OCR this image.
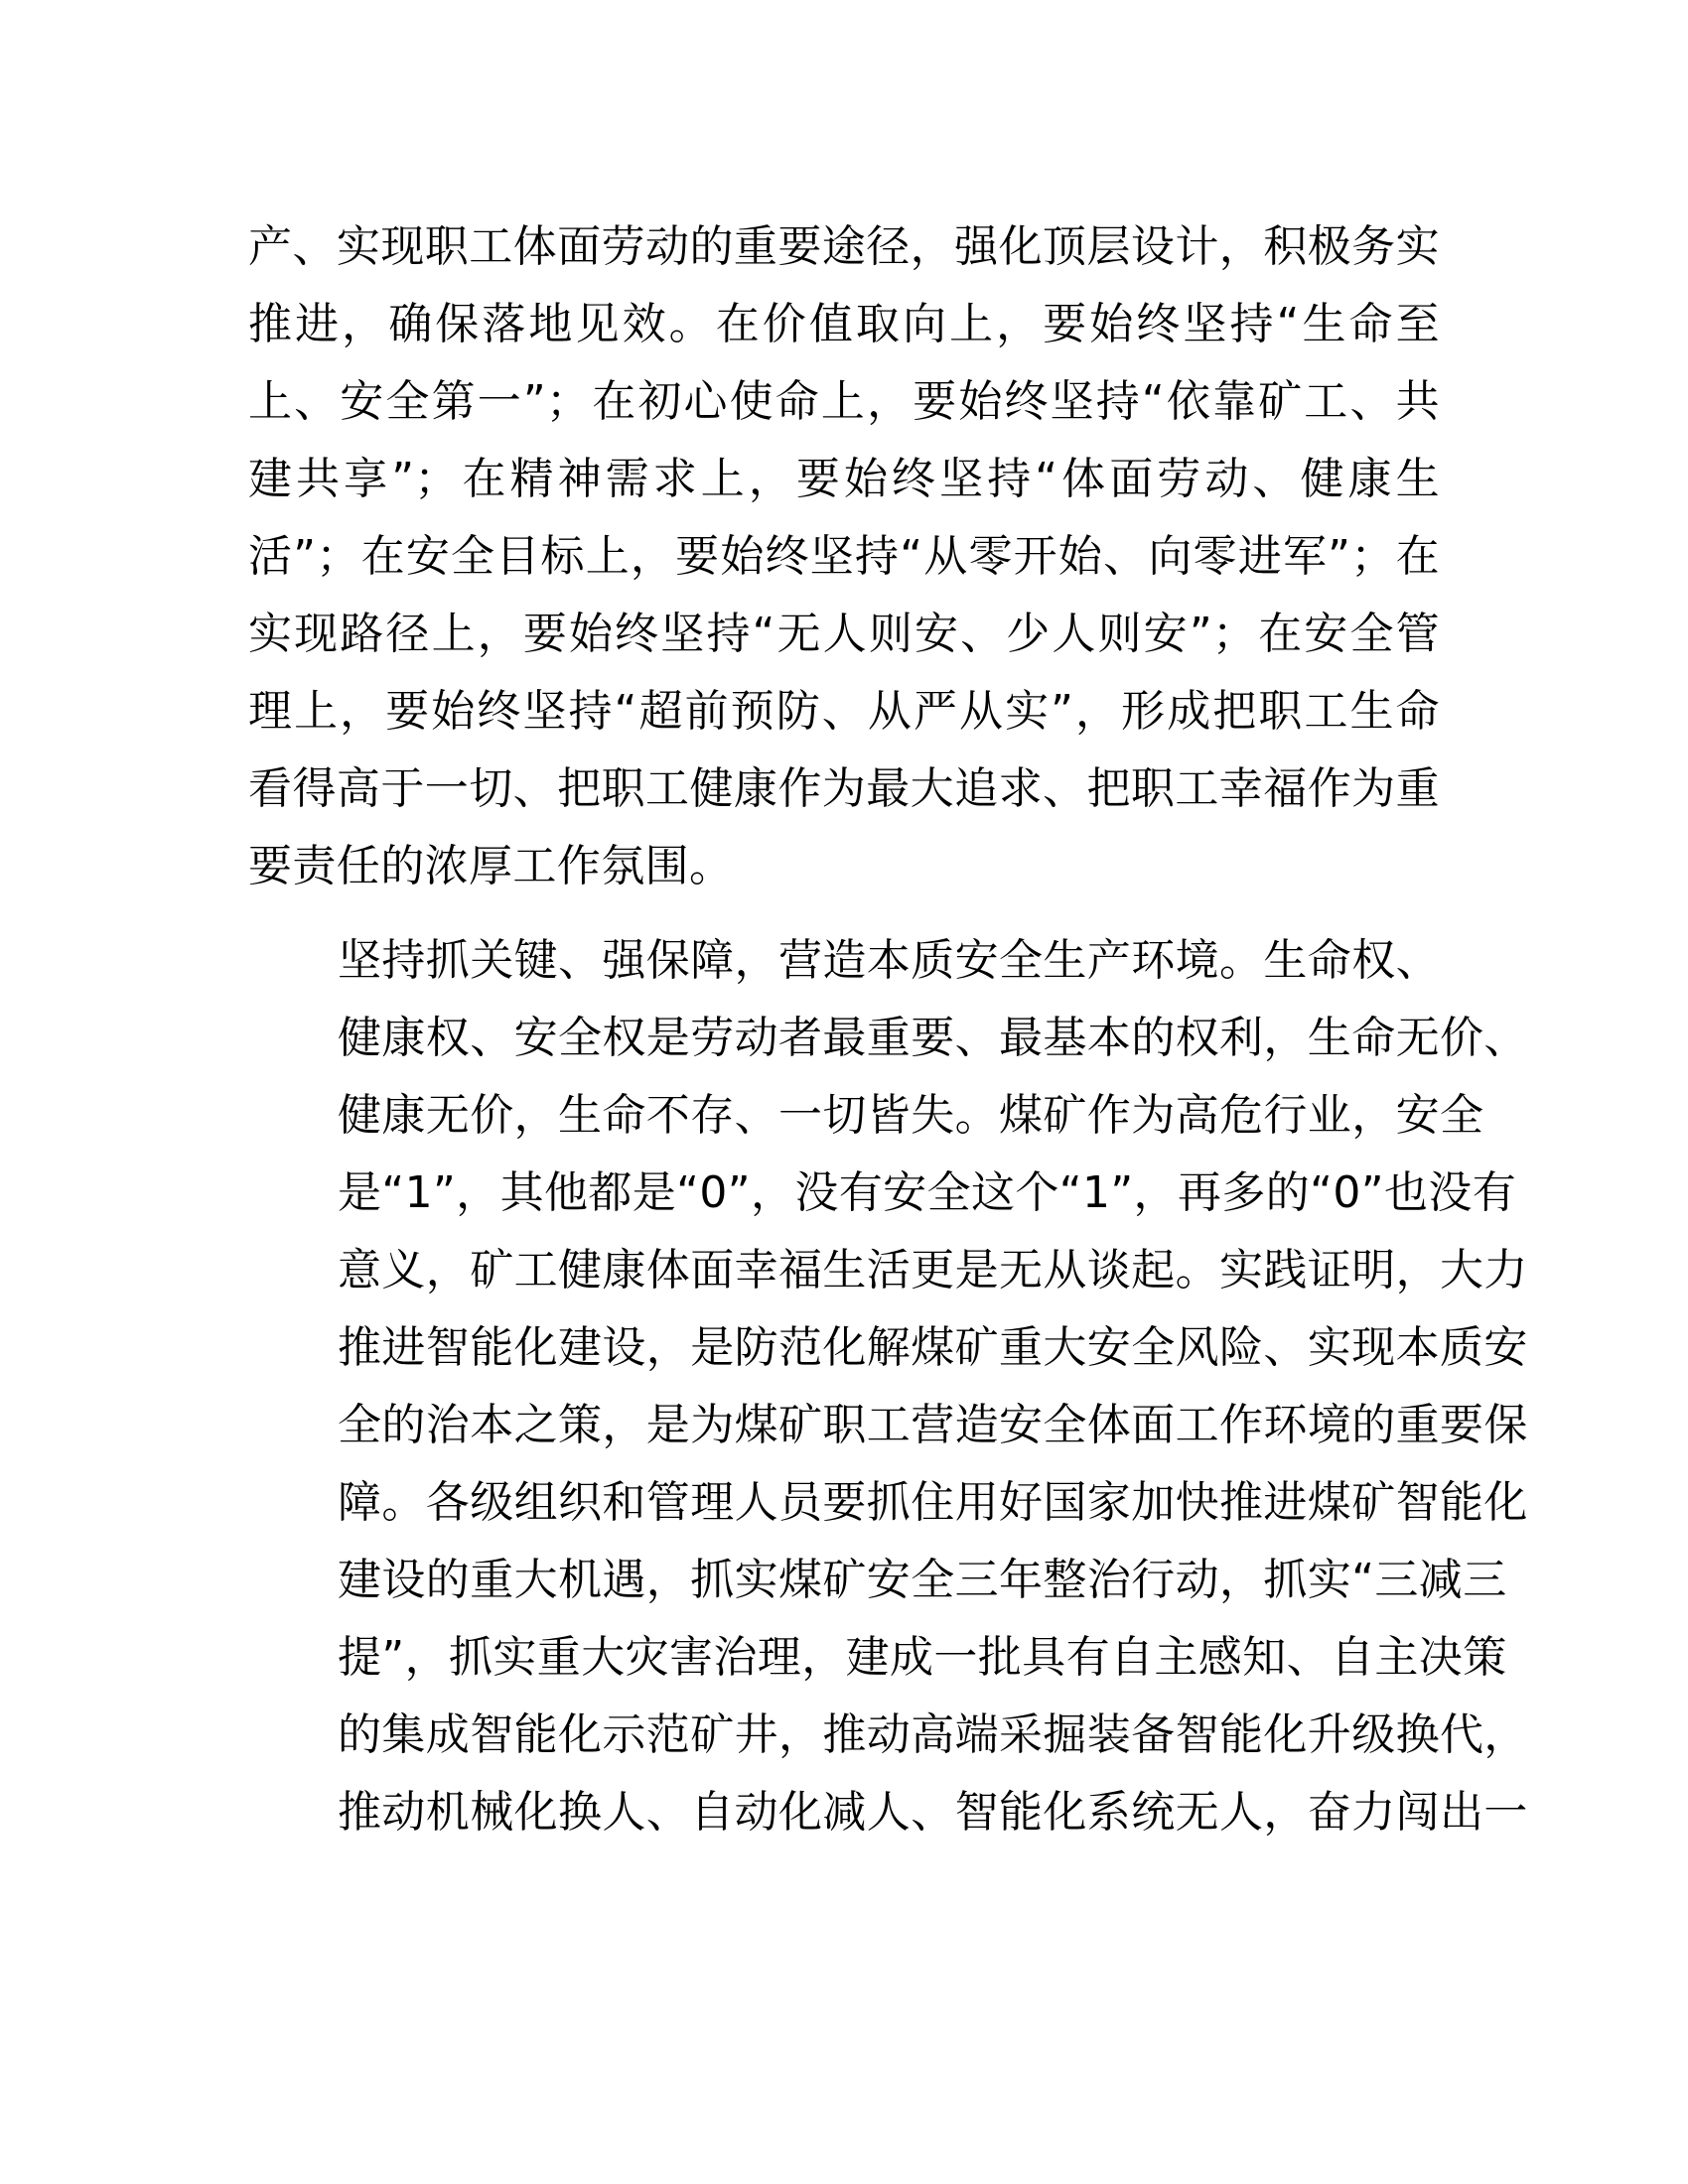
产、实现职工体面劳动的重要途径，强化顶层设计，积极务实
推进，确保落地见效。在价值取向上，要始终坚持“生命至
上、安全第一”；在初心使命上，要始终坚持“依靠矿工、共
建共享”；在精神需求上，要始终坚持“体面劳动、健康生
活”；在安全目标上，要始终坚持“从零开始、向零进军”；在
实现路径上，要始终坚持“无人则安、少人则安”；在安全管
理上，要始终坚持“超前预防、从严从实”，形成把职工生命
看得高于一切、把职工健康作为最大追求、把职工幸福作为重
要责任的浓厚工作氛围。

坚持抓关键、强保障，营造本质安全生产环境。生命权、
健康权、安全权是劳动者最重要、最基本的权利，生命无价、
健康无价，生命不存、一切皆失。煤矿作为高危行业，安全
是“1”，其他都是“0”，没有安全这个“1”，再多的“0”也没有
意义，矿工健康体面幸福生活更是无从谈起。实践证明，大力
推进智能化建设，是防范化解煤矿重大安全风险、实现本质安
全的治本之策，是为煤矿职工营造安全体面工作环境的重要保
障。各级组织和管理人员要抓住用好国家加快推进煤矿智能化
建设的重大机遇，抓实煤矿安全三年整治行动，抓实“三减三
提”，抓实重大灾害治理，建成一批具有自主感知、自主决策
的集成智能化示范矿井，推动高端采掘装备智能化升级换代，
推动机械化换人、自动化减人、智能化系统无人，奋力闯出一
